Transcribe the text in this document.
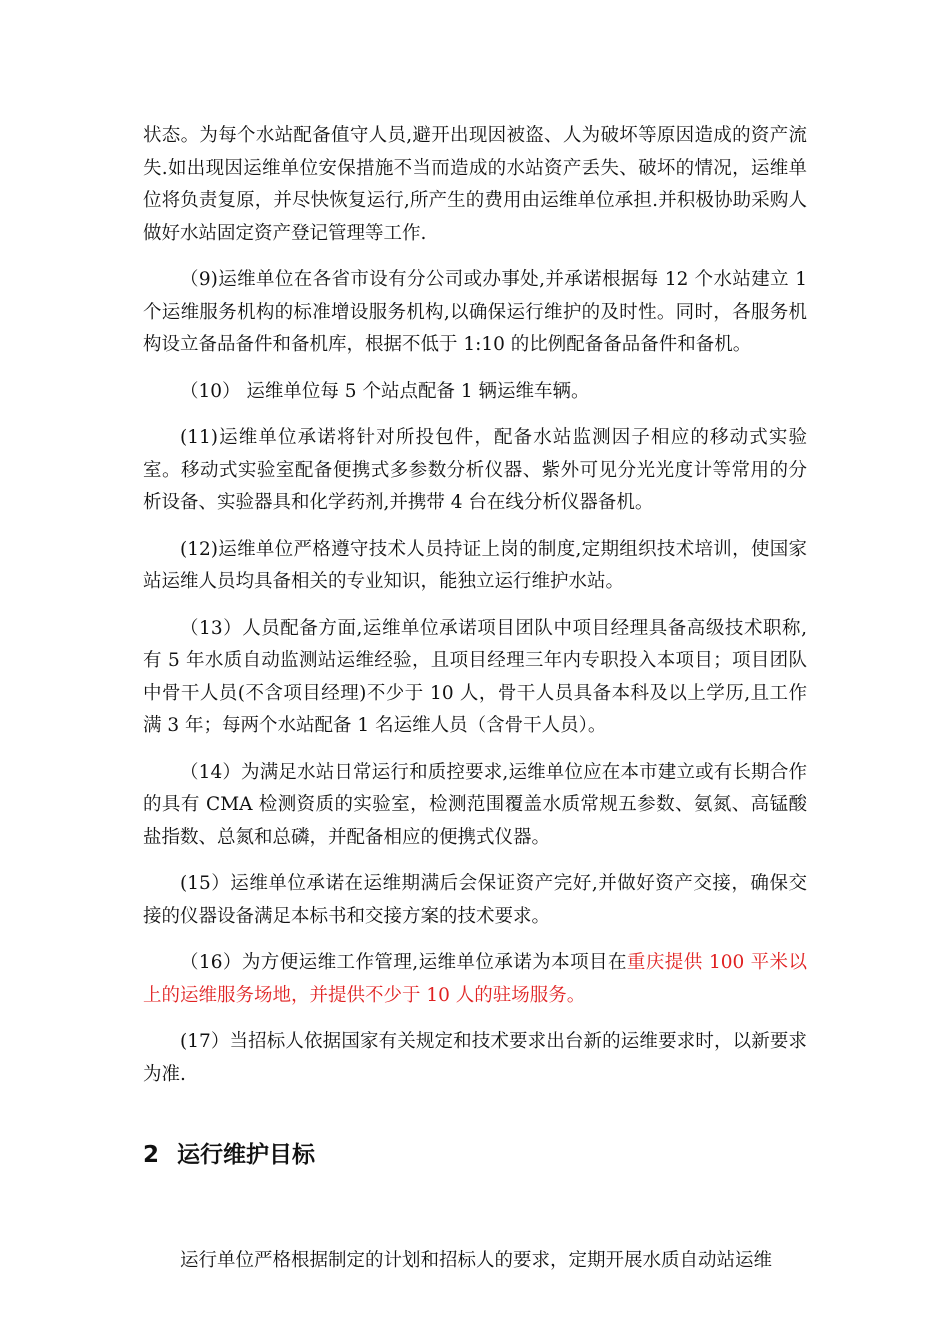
状态。为每个水站配备值守人员,避开出现因被盗、人为破坏等原因造成的资产流失.如出现因运维单位安保措施不当而造成的水站资产丢失、破坏的情况，运维单位将负责复原，并尽快恢复运行,所产生的费用由运维单位承担.并积极协助采购人做好水站固定资产登记管理等工作.

（9)运维单位在各省市设有分公司或办事处,并承诺根据每 12 个水站建立 1 个运维服务机构的标准增设服务机构,以确保运行维护的及时性。同时，各服务机构设立备品备件和备机库，根据不低于 1:10 的比例配备备品备件和备机。

（10） 运维单位每 5 个站点配备 1 辆运维车辆。

(11)运维单位承诺将针对所投包件，配备水站监测因子相应的移动式实验室。移动式实验室配备便携式多参数分析仪器、紫外可见分光光度计等常用的分析设备、实验器具和化学药剂,并携带 4 台在线分析仪器备机。

(12)运维单位严格遵守技术人员持证上岗的制度,定期组织技术培训，使国家站运维人员均具备相关的专业知识，能独立运行维护水站。

（13）人员配备方面,运维单位承诺项目团队中项目经理具备高级技术职称,有 5 年水质自动监测站运维经验，且项目经理三年内专职投入本项目；项目团队中骨干人员(不含项目经理)不少于 10 人，骨干人员具备本科及以上学历,且工作满 3 年；每两个水站配备 1 名运维人员（含骨干人员）。

（14）为满足水站日常运行和质控要求,运维单位应在本市建立或有长期合作的具有 CMA 检测资质的实验室，检测范围覆盖水质常规五参数、氨氮、高锰酸盐指数、总氮和总磷，并配备相应的便携式仪器。

(15）运维单位承诺在运维期满后会保证资产完好,并做好资产交接，确保交接的仪器设备满足本标书和交接方案的技术要求。

（16）为方便运维工作管理,运维单位承诺为本项目在重庆提供 100 平米以上的运维服务场地，并提供不少于 10 人的驻场服务。

(17）当招标人依据国家有关规定和技术要求出台新的运维要求时，以新要求为准.

2 运行维护目标

运行单位严格根据制定的计划和招标人的要求，定期开展水质自动站运维
